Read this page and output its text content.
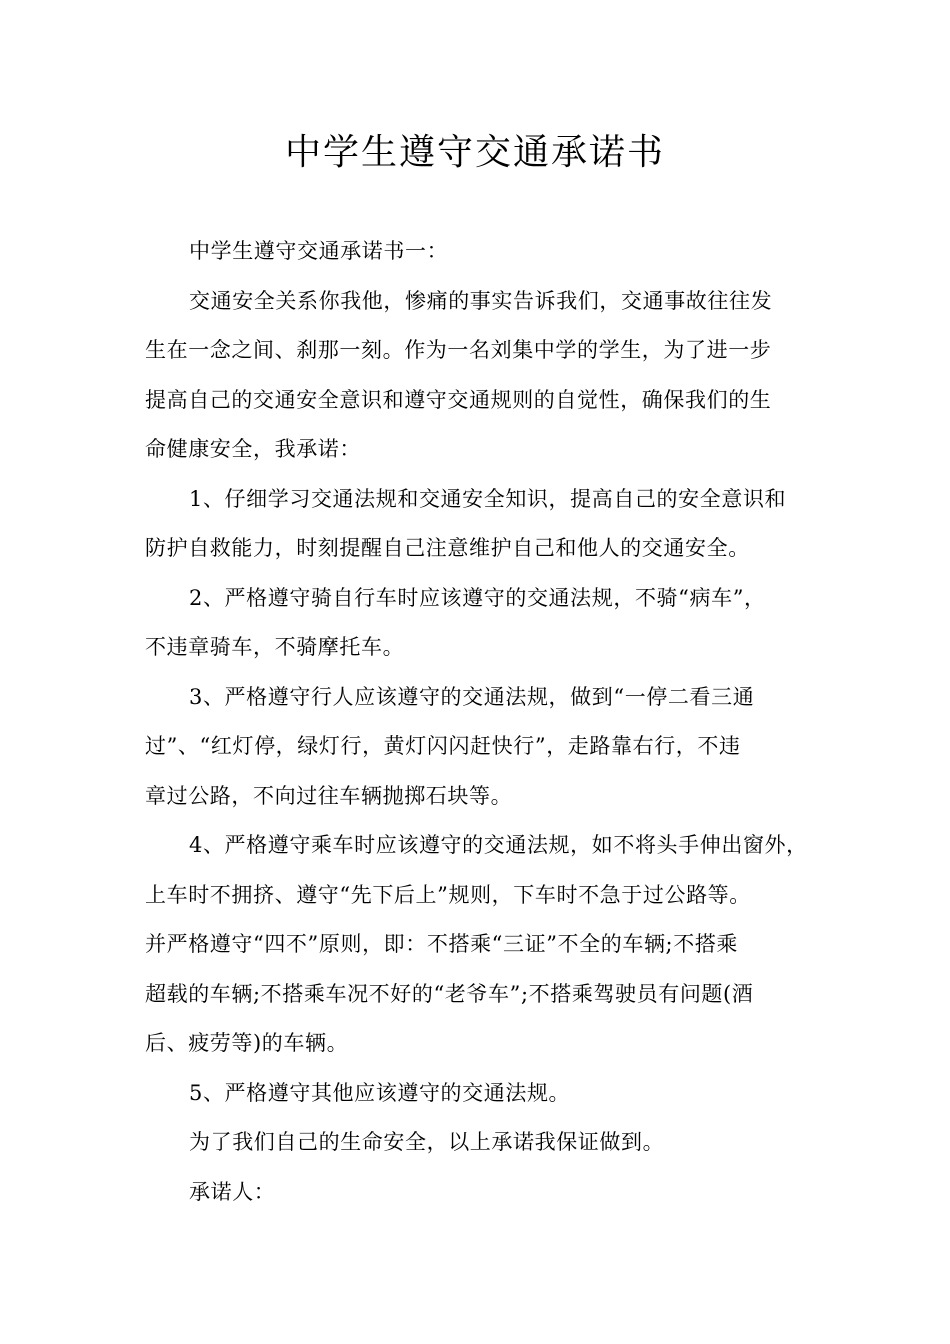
中学生遵守交通承诺书
中学生遵守交通承诺书一：
交通安全关系你我他，惨痛的事实告诉我们，交通事故往往发
生在一念之间、刹那一刻。作为一名刘集中学的学生，为了进一步
提高自己的交通安全意识和遵守交通规则的自觉性，确保我们的生
命健康安全，我承诺：
1、仔细学习交通法规和交通安全知识，提高自己的安全意识和
防护自救能力，时刻提醒自己注意维护自己和他人的交通安全。
2、严格遵守骑自行车时应该遵守的交通法规，不骑“病车”，
不违章骑车，不骑摩托车。
3、严格遵守行人应该遵守的交通法规，做到“一停二看三通
过”、“红灯停，绿灯行，黄灯闪闪赶快行”，走路靠右行，不违
章过公路，不向过往车辆抛掷石块等。
4、严格遵守乘车时应该遵守的交通法规，如不将头手伸出窗外，
上车时不拥挤、遵守“先下后上”规则，下车时不急于过公路等。
并严格遵守“四不”原则，即：不搭乘“三证”不全的车辆;不搭乘
超载的车辆;不搭乘车况不好的“老爷车”;不搭乘驾驶员有问题(酒
后、疲劳等)的车辆。
5、严格遵守其他应该遵守的交通法规。
为了我们自己的生命安全，以上承诺我保证做到。
承诺人：
